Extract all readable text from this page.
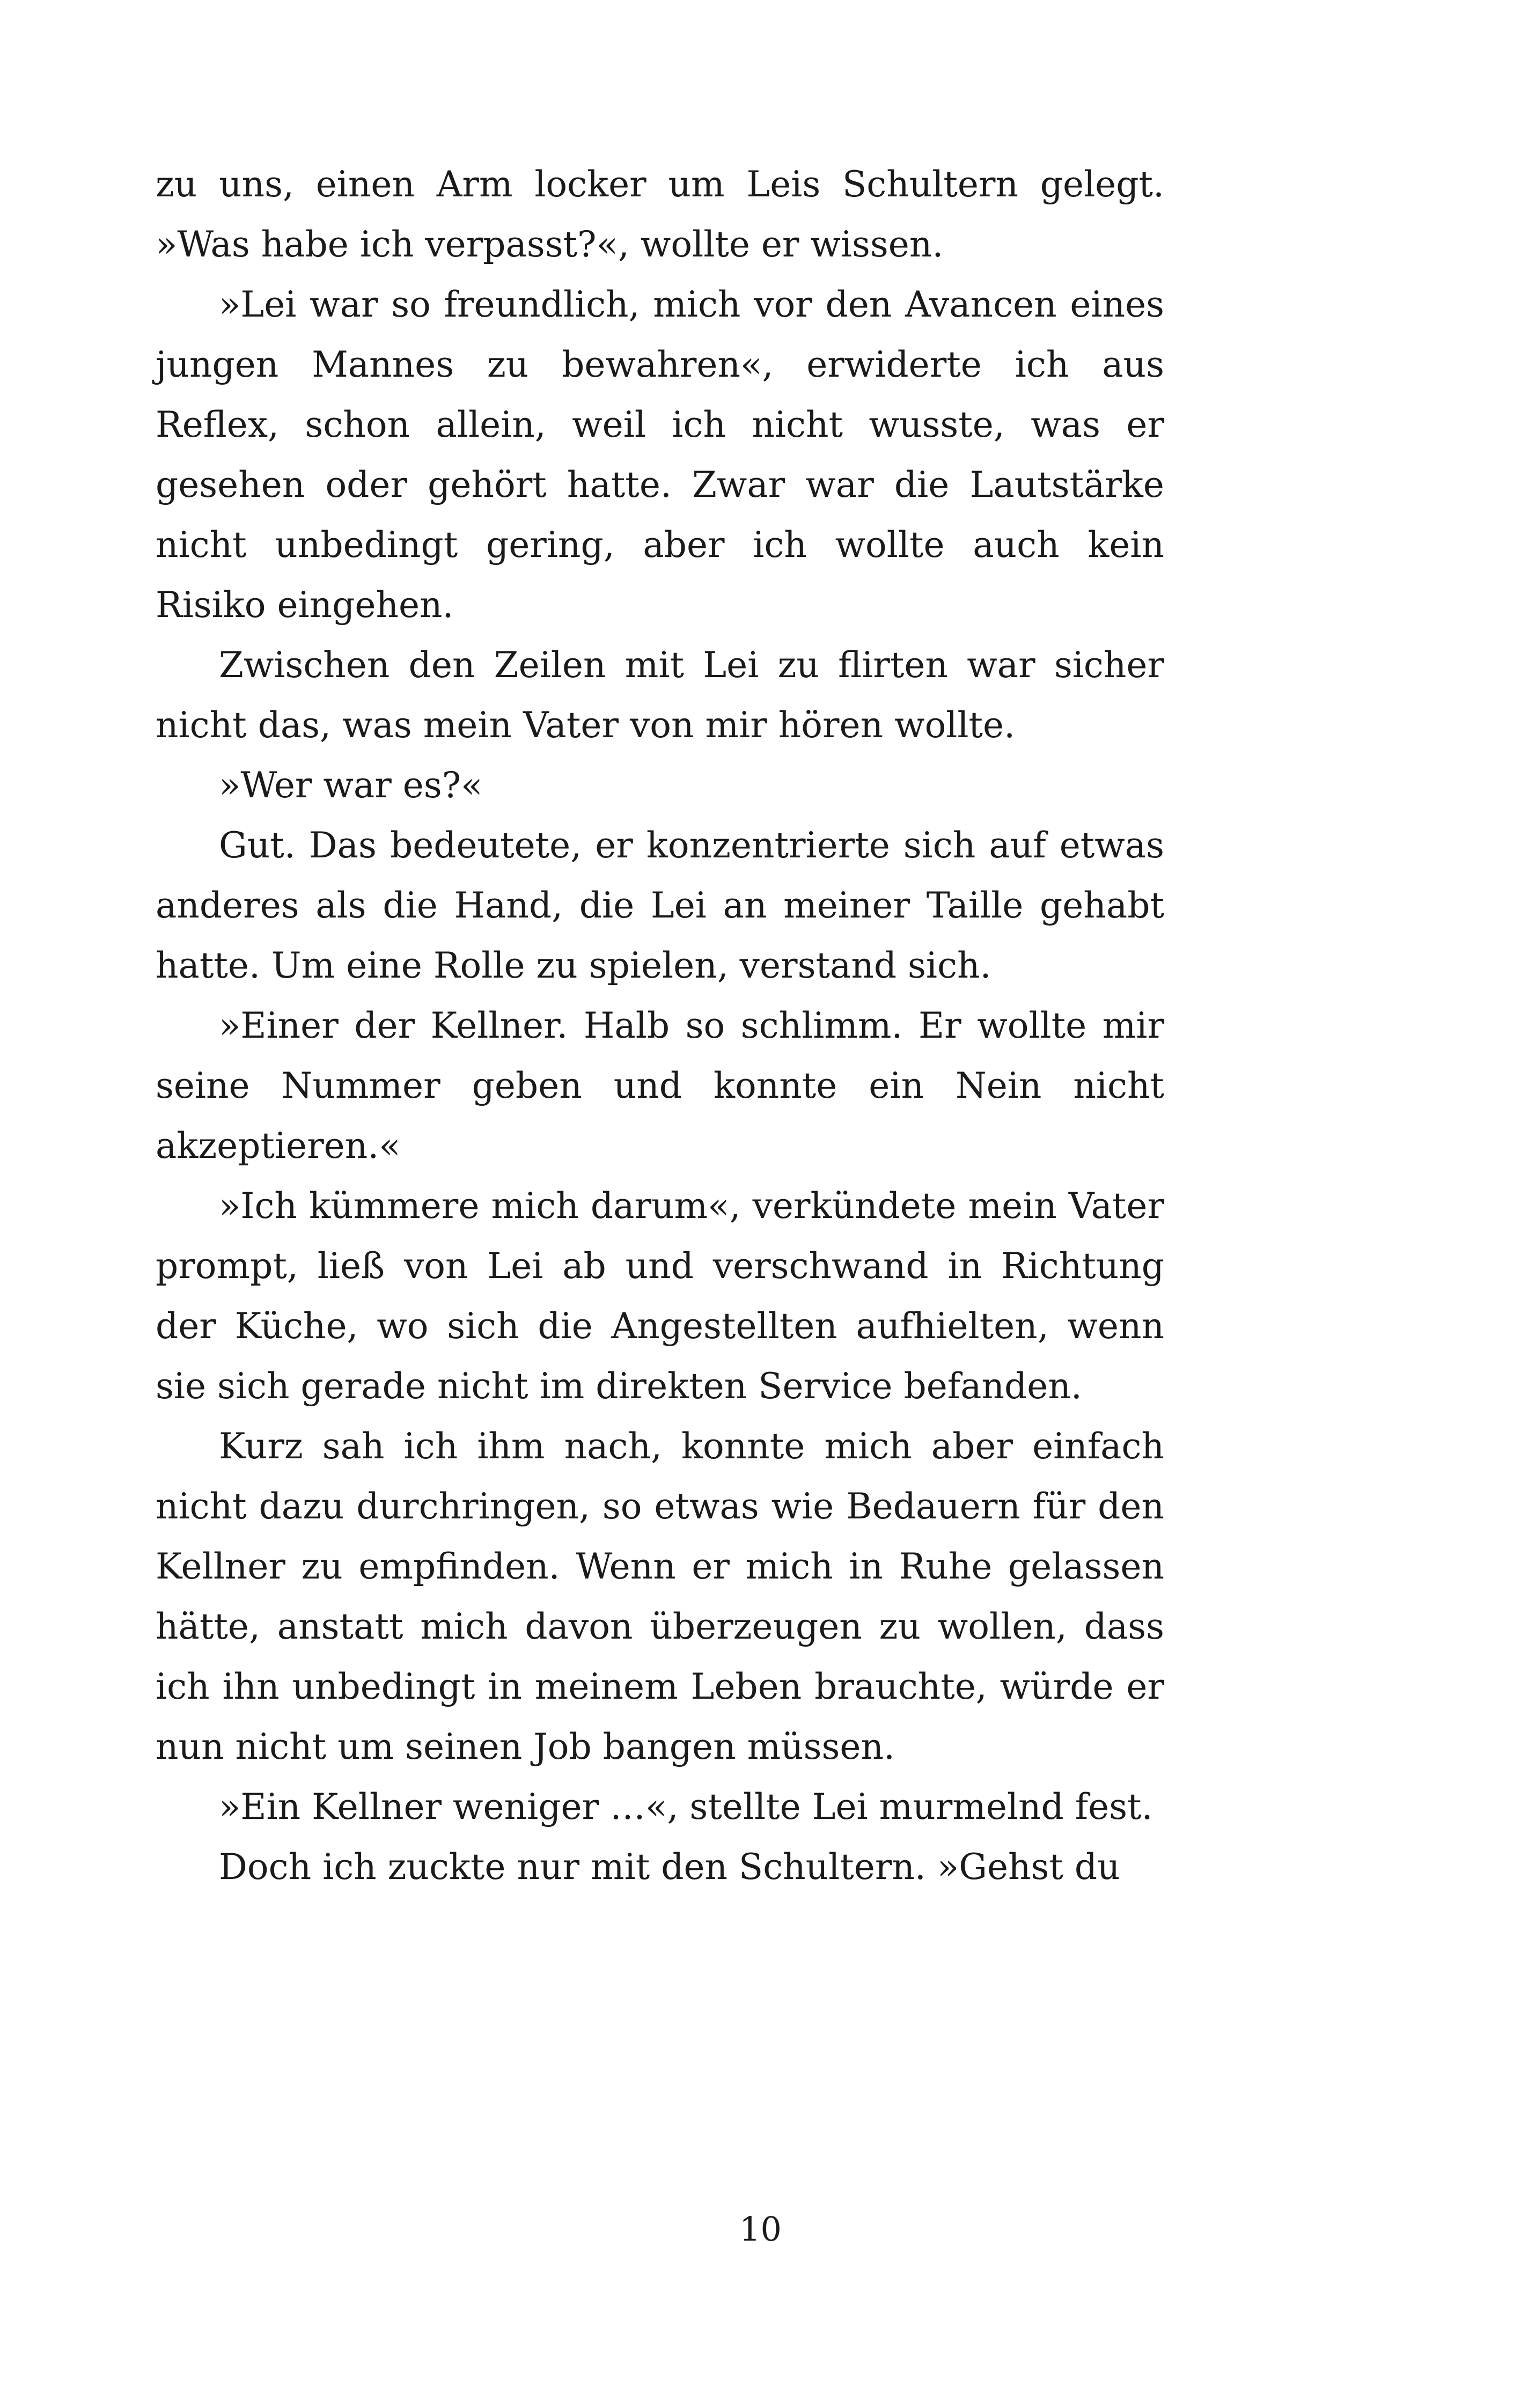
zu uns, einen Arm locker um Leis Schultern gelegt. »Was habe ich verpasst?«, wollte er wissen.

»Lei war so freundlich, mich vor den Avancen eines jungen Mannes zu bewahren«, erwiderte ich aus Reflex, schon allein, weil ich nicht wusste, was er gesehen oder gehört hatte. Zwar war die Lautstärke nicht unbedingt gering, aber ich wollte auch kein Risiko eingehen.

Zwischen den Zeilen mit Lei zu flirten war sicher nicht das, was mein Vater von mir hören wollte.

»Wer war es?«

Gut. Das bedeutete, er konzentrierte sich auf etwas anderes als die Hand, die Lei an meiner Taille gehabt hatte. Um eine Rolle zu spielen, verstand sich.

»Einer der Kellner. Halb so schlimm. Er wollte mir seine Nummer geben und konnte ein Nein nicht akzeptieren.«

»Ich kümmere mich darum«, verkündete mein Vater prompt, ließ von Lei ab und verschwand in Richtung der Küche, wo sich die Angestellten aufhielten, wenn sie sich gerade nicht im direkten Service befanden.

Kurz sah ich ihm nach, konnte mich aber einfach nicht dazu durchringen, so etwas wie Bedauern für den Kellner zu empfinden. Wenn er mich in Ruhe gelassen hätte, anstatt mich davon überzeugen zu wollen, dass ich ihn unbedingt in meinem Leben brauchte, würde er nun nicht um seinen Job bangen müssen.

»Ein Kellner weniger …«, stellte Lei murmelnd fest.

Doch ich zuckte nur mit den Schultern. »Gehst du

10
